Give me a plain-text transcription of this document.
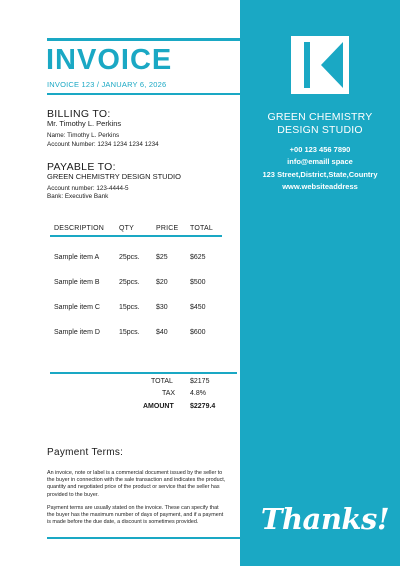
INVOICE
INVOICE 123 / JANUARY 6, 2026
BILLING TO:
Mr. Timothy L. Perkins
Name: Timothy L. Perkins
Account Number: 1234 1234 1234 1234
PAYABLE TO:
GREEN CHEMISTRY DESIGN STUDIO
Account number: 123-4444-5
Bank: Executive Bank
DESCRIPTION QTY	PRICE TOTAL
Sample item A	25pcs. $25	$625
Sample item B	25pcs. $20	$500
Sample item C	15pcs. $30	$450
Sample item D	15pcs. $40	$600
TOTAL $2175
TAX 4.8%
AMOUNT $2279.4
Payment Terms:
An invoice, note or label is a commercial document issued by the seller to the buyer in connection with the sale transaction and indicates the product, quantity and negotiated price of the product or service that the seller has provided to the buyer.
Payment terms are usually stated on the invoice. These can specify that the buyer has the maximum number of days of payment, and if a payment is made before the due date, a discount is sometimes provided.
GREEN CHEMISTRY
DESIGN STUDIO
+00 123 456 7890
info@emaill space
123 Street,District,State,Country
www.websiteaddress
Thanks!
